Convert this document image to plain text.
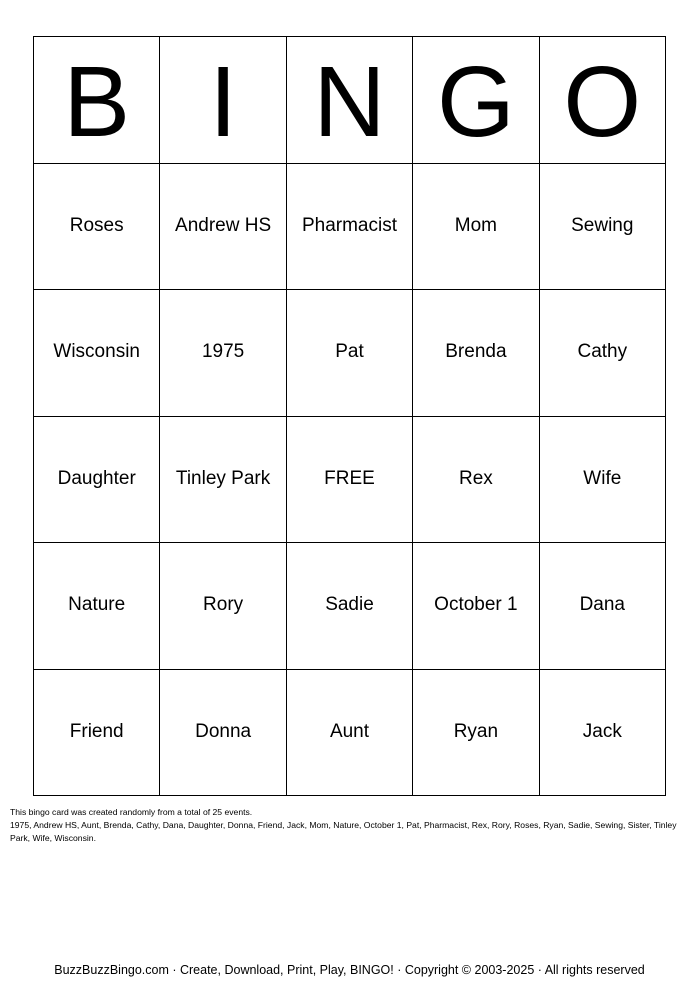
B I N G O
Roses	Andrew HS	Pharmacist	Mom	Sewing
Wisconsin	1975	Pat	Brenda	Cathy
Daughter	Tinley Park	FREE	Rex	Wife
Nature	Rory	Sadie	October 1	Dana
Friend	Donna	Aunt	Ryan	Jack
This bingo card was created randomly from a total of 25 events.
1975, Andrew HS, Aunt, Brenda, Cathy, Dana, Daughter, Donna, Friend, Jack, Mom, Nature, October 1, Pat, Pharmacist, Rex, Rory, Roses, Ryan, Sadie, Sewing, Sister, Tinley Park, Wife, Wisconsin.
BuzzBuzzBingo.com · Create, Download, Print, Play, BINGO! · Copyright © 2003-2025 · All rights reserved
